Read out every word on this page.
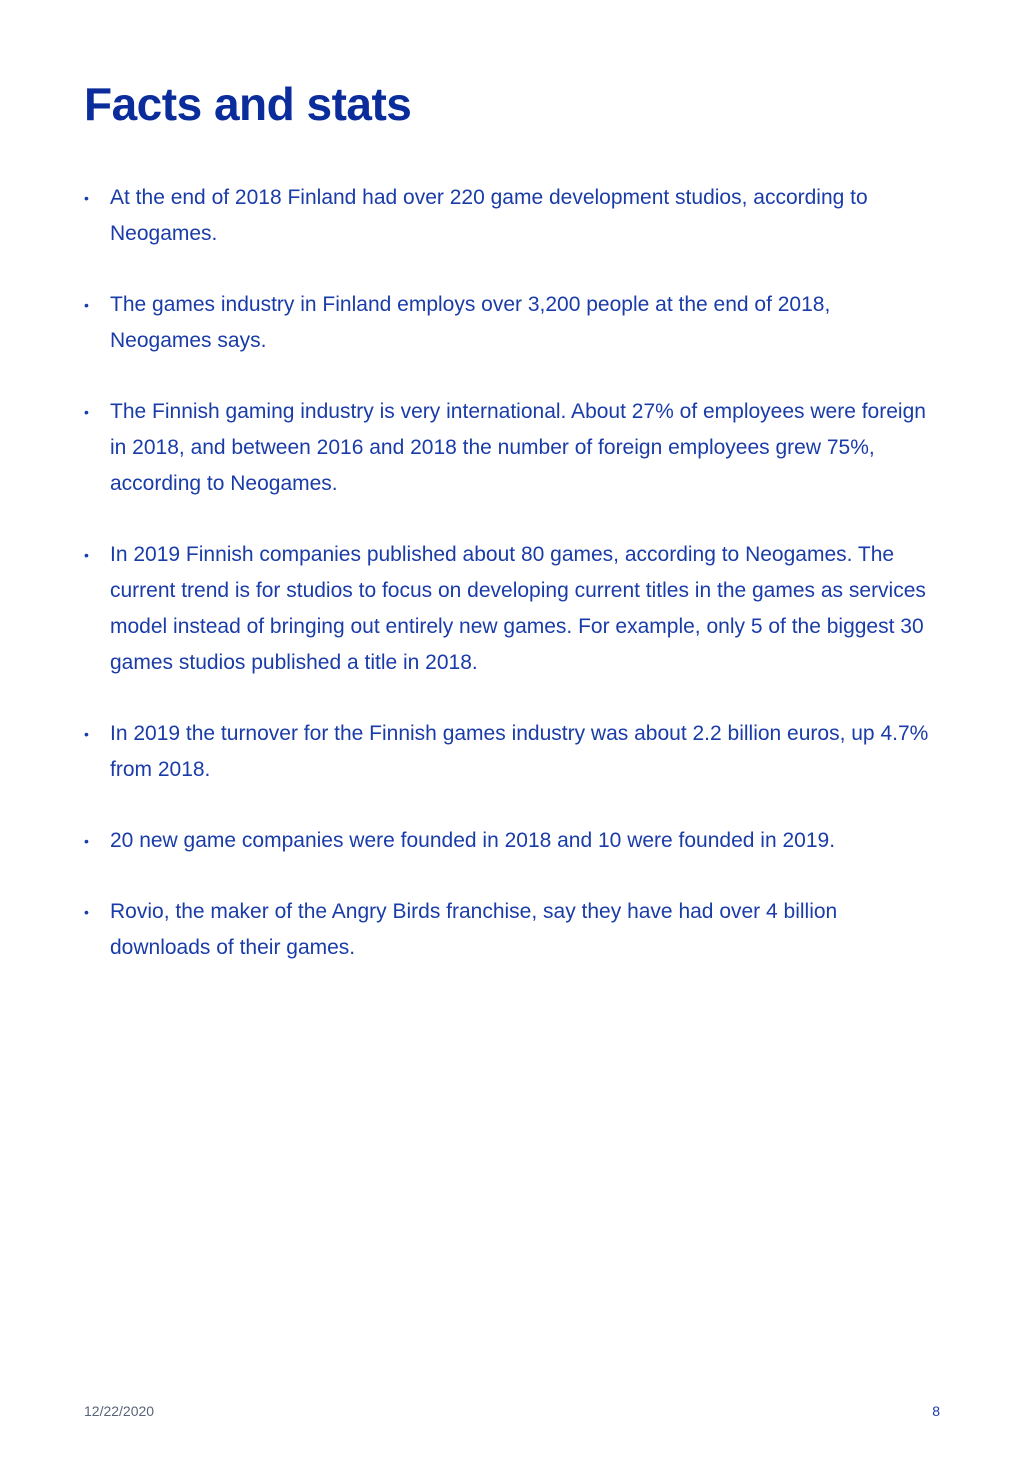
Facts and stats
• At the end of 2018 Finland had over 220 game development studios, according to Neogames.
• The games industry in Finland employs over 3,200 people at the end of 2018, Neogames says.
• The Finnish gaming industry is very international. About 27% of employees were foreign in 2018, and between 2016 and 2018 the number of foreign employees grew 75%, according to Neogames.
• In 2019 Finnish companies published about 80 games, according to Neogames. The current trend is for studios to focus on developing current titles in the games as services model instead of bringing out entirely new games. For example, only 5 of the biggest 30 games studios published a title in 2018.
• In 2019 the turnover for the Finnish games industry was about 2.2 billion euros, up 4.7% from 2018.
• 20 new game companies were founded in 2018 and 10 were founded in 2019.
• Rovio, the maker of the Angry Birds franchise, say they have had over 4 billion downloads of their games.
12/22/2020	8
